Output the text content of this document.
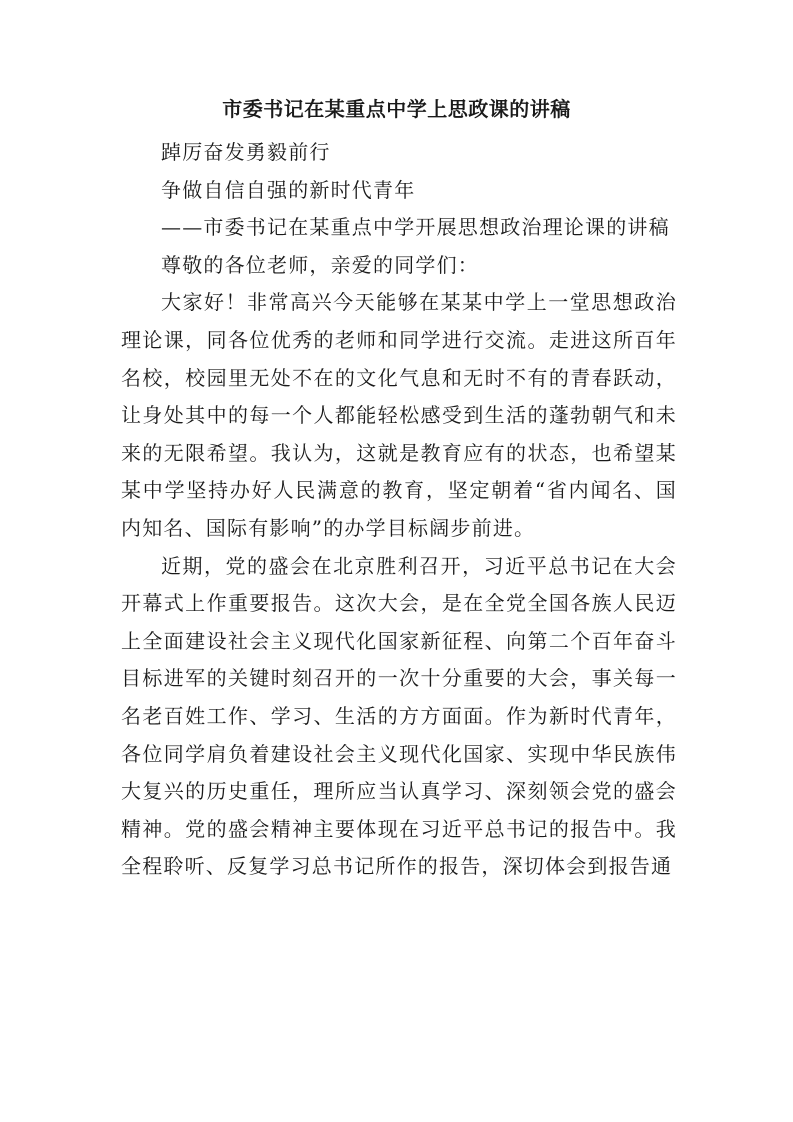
市委书记在某重点中学上思政课的讲稿

踔厉奋发勇毅前行

争做自信自强的新时代青年

——市委书记在某重点中学开展思想政治理论课的讲稿

尊敬的各位老师，亲爱的同学们：

大家好！非常高兴今天能够在某某中学上一堂思想政治理论课，同各位优秀的老师和同学进行交流。走进这所百年名校，校园里无处不在的文化气息和无时不有的青春跃动，让身处其中的每一个人都能轻松感受到生活的蓬勃朝气和未来的无限希望。我认为，这就是教育应有的状态，也希望某某中学坚持办好人民满意的教育，坚定朝着“省内闻名、国内知名、国际有影响”的办学目标阔步前进。

近期，党的盛会在北京胜利召开，习近平总书记在大会开幕式上作重要报告。这次大会，是在全党全国各族人民迈上全面建设社会主义现代化国家新征程、向第二个百年奋斗目标进军的关键时刻召开的一次十分重要的大会，事关每一名老百姓工作、学习、生活的方方面面。作为新时代青年，各位同学肩负着建设社会主义现代化国家、实现中华民族伟大复兴的历史重任，理所应当认真学习、深刻领会党的盛会精神。党的盛会精神主要体现在习近平总书记的报告中。我全程聆听、反复学习总书记所作的报告，深切体会到报告通
